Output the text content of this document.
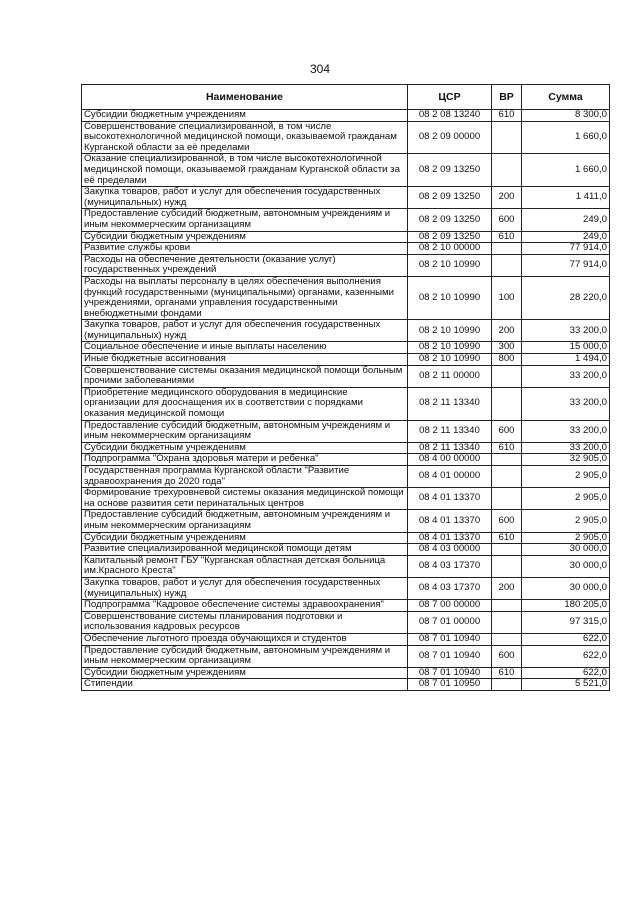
304
Наименование	ЦСР	ВР	Сумма
Субсидии бюджетным учреждениям	08 2 08 13240	610	8 300,0
Совершенствование специализированной, в том числе высокотехнологичной медицинской помощи, оказываемой гражданам Курганской области за её пределами	08 2 09 00000		1 660,0
Оказание специализированной, в том числе высокотехнологичной медицинской помощи, оказываемой гражданам Курганской области за её пределами	08 2 09 13250		1 660,0
Закупка товаров, работ и услуг для обеспечения государственных (муниципальных) нужд	08 2 09 13250	200	1 411,0
Предоставление субсидий бюджетным, автономным учреждениям и иным некоммерческим организациям	08 2 09 13250	600	249,0
Субсидии бюджетным учреждениям	08 2 09 13250	610	249,0
Развитие службы крови	08 2 10 00000		77 914,0
Расходы на обеспечение деятельности (оказание услуг) государственных учреждений	08 2 10 10990		77 914,0
Расходы на выплаты персоналу в целях обеспечения выполнения функций государственными (муниципальными) органами, казенными учреждениями, органами управления государственными внебюджетными фондами	08 2 10 10990	100	28 220,0
Закупка товаров, работ и услуг для обеспечения государственных (муниципальных) нужд	08 2 10 10990	200	33 200,0
Социальное обеспечение и иные выплаты населению	08 2 10 10990	300	15 000,0
Иные бюджетные ассигнования	08 2 10 10990	800	1 494,0
Совершенствование системы оказания медицинской помощи больным прочими заболеваниями	08 2 11 00000		33 200,0
Приобретение медицинского оборудования в медицинские организации для дооснащения их в соответствии с порядками оказания медицинской помощи	08 2 11 13340		33 200,0
Предоставление субсидий бюджетным, автономным учреждениям и иным некоммерческим организациям	08 2 11 13340	600	33 200,0
Субсидии бюджетным учреждениям	08 2 11 13340	610	33 200,0
Подпрограмма "Охрана здоровья матери и ребенка"	08 4 00 00000		32 905,0
Государственная программа Курганской области "Развитие здравоохранения до 2020 года"	08 4 01 00000		2 905,0
Формирование трехуровневой системы оказания медицинской помощи на основе развития сети перинатальных центров	08 4 01 13370		2 905,0
Предоставление субсидий бюджетным, автономным учреждениям и иным некоммерческим организациям	08 4 01 13370	600	2 905,0
Субсидии бюджетным учреждениям	08 4 01 13370	610	2 905,0
Развитие специализированной медицинской помощи детям	08 4 03 00000		30 000,0
Капитальный ремонт ГБУ "Курганская областная детская больница им.Красного Креста"	08 4 03 17370		30 000,0
Закупка товаров, работ и услуг для обеспечения государственных (муниципальных) нужд	08 4 03 17370	200	30 000,0
Подпрограмма "Кадровое обеспечение системы здравоохранения"	08 7 00 00000		180 205,0
Совершенствование системы планирования подготовки и использования кадровых ресурсов	08 7 01 00000		97 315,0
Обеспечение льготного проезда обучающихся и студентов	08 7 01 10940		622,0
Предоставление субсидий бюджетным, автономным учреждениям и иным некоммерческим организациям	08 7 01 10940	600	622,0
Субсидии бюджетным учреждениям	08 7 01 10940	610	622,0
Стипендии	08 7 01 10950		5 521,0
